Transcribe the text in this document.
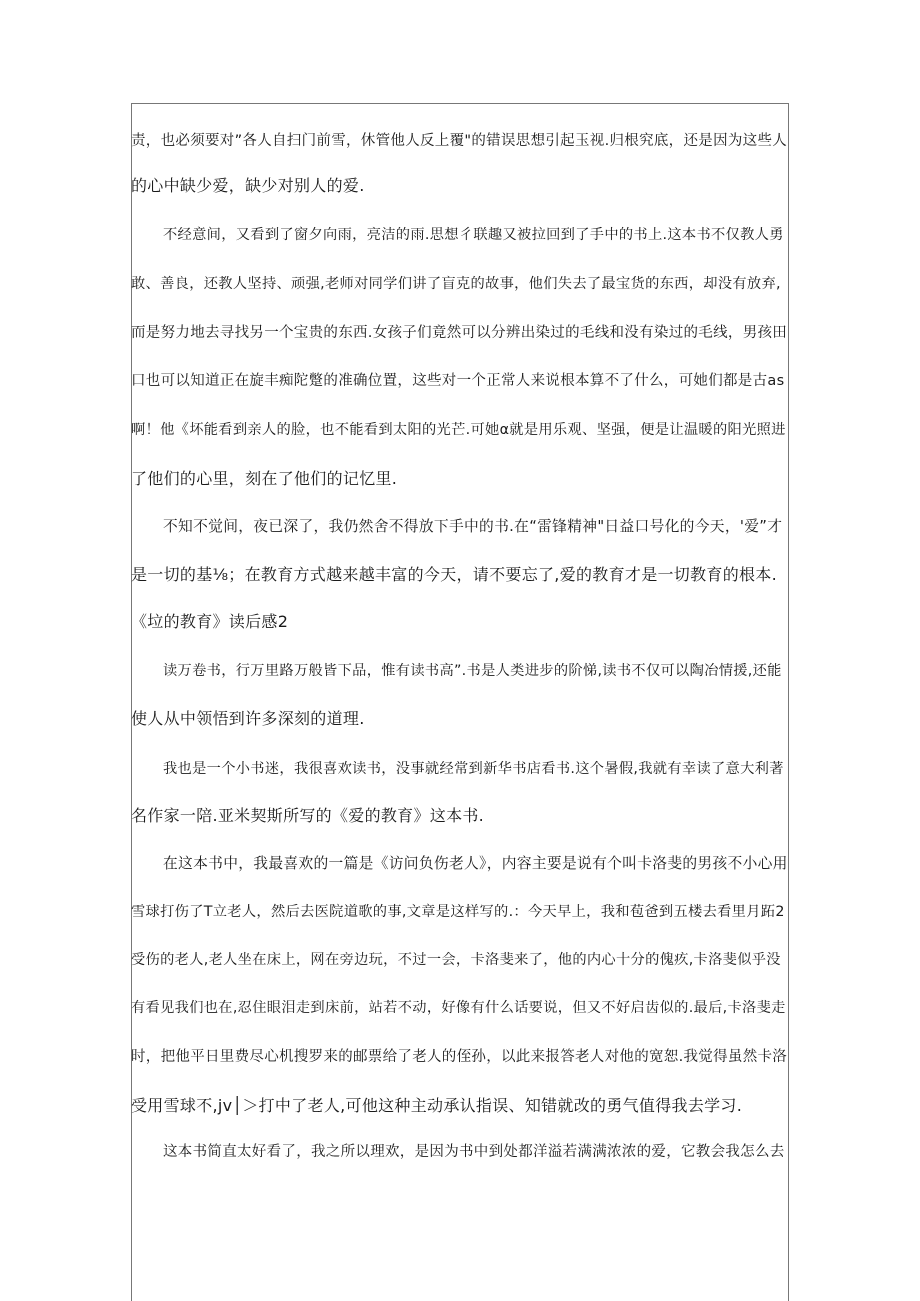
责，也必须要对”各人自扫门前雪，休管他人反上覆"的错误思想引起玉视.归根究底，还是因为这些人
的心中缺少爱，缺少对别人的爱.
不经意间，又看到了窗夕向雨，亮洁的雨.思想彳联趣又被拉回到了手中的书上.这本书不仅教人勇
敢、善良，还教人坚持、顽强,老师对同学们讲了盲克的故事，他们失去了最宝货的东西，却没有放弃,
而是努力地去寻找另一个宝贵的东西.女孩子们竟然可以分辨出染过的毛线和没有染过的毛线，男孩田
口也可以知道正在旋丰痴陀蹩的准确位置，这些对一个正常人来说根本算不了什么，可她们都是古as
啊！他《坏能看到亲人的脸，也不能看到太阳的光芒.可她α就是用乐观、坚强，便是让温暖的阳光照进
了他们的心里，刻在了他们的记忆里.
不知不觉间，夜已深了，我仍然舍不得放下手中的书.在“雷锋精神"日益口号化的今天，'爱”才
是一切的基⅛；在教育方式越来越丰富的今天，请不要忘了,爱的教育才是一切教育的根本.
《垃的教育》读后感2
读万卷书，行万里路万般皆下品，惟有读书高”.书是人类进步的阶悌,读书不仅可以陶冶情援,还能
使人从中领悟到许多深刻的道理.
我也是一个小书迷，我很喜欢读书，没事就经常到新华书店看书.这个暑假,我就有幸读了意大利著
名作家一陪.亚米契斯所写的《爱的教育》这本书.
在这本书中，我最喜欢的一篇是《访问负伤老人》，内容主要是说有个叫卡洛斐的男孩不小心用
雪球打伤了T立老人，然后去医院道歌的事,文章是这样写的.：今天早上，我和苞爸到五楼去看里月跖2
受伤的老人,老人坐在床上，网在旁边玩，不过一会，卡洛斐来了，他的内心十分的傀疚,卡洛斐似乎没
有看见我们也在,忍住眼泪走到床前，站若不动，好像有什么话要说，但又不好启齿似的.最后,卡洛斐走
时，把他平日里费尽心机搜罗来的邮票给了老人的侄孙，以此来报答老人对他的宽恕.我觉得虽然卡洛
受用雪球不,jv│＞打中了老人,可他这种主动承认指误、知错就改的勇气值得我去学习.
这本书简直太好看了，我之所以理欢，是因为书中到处都洋溢若满满浓浓的爱，它教会我怎么去
